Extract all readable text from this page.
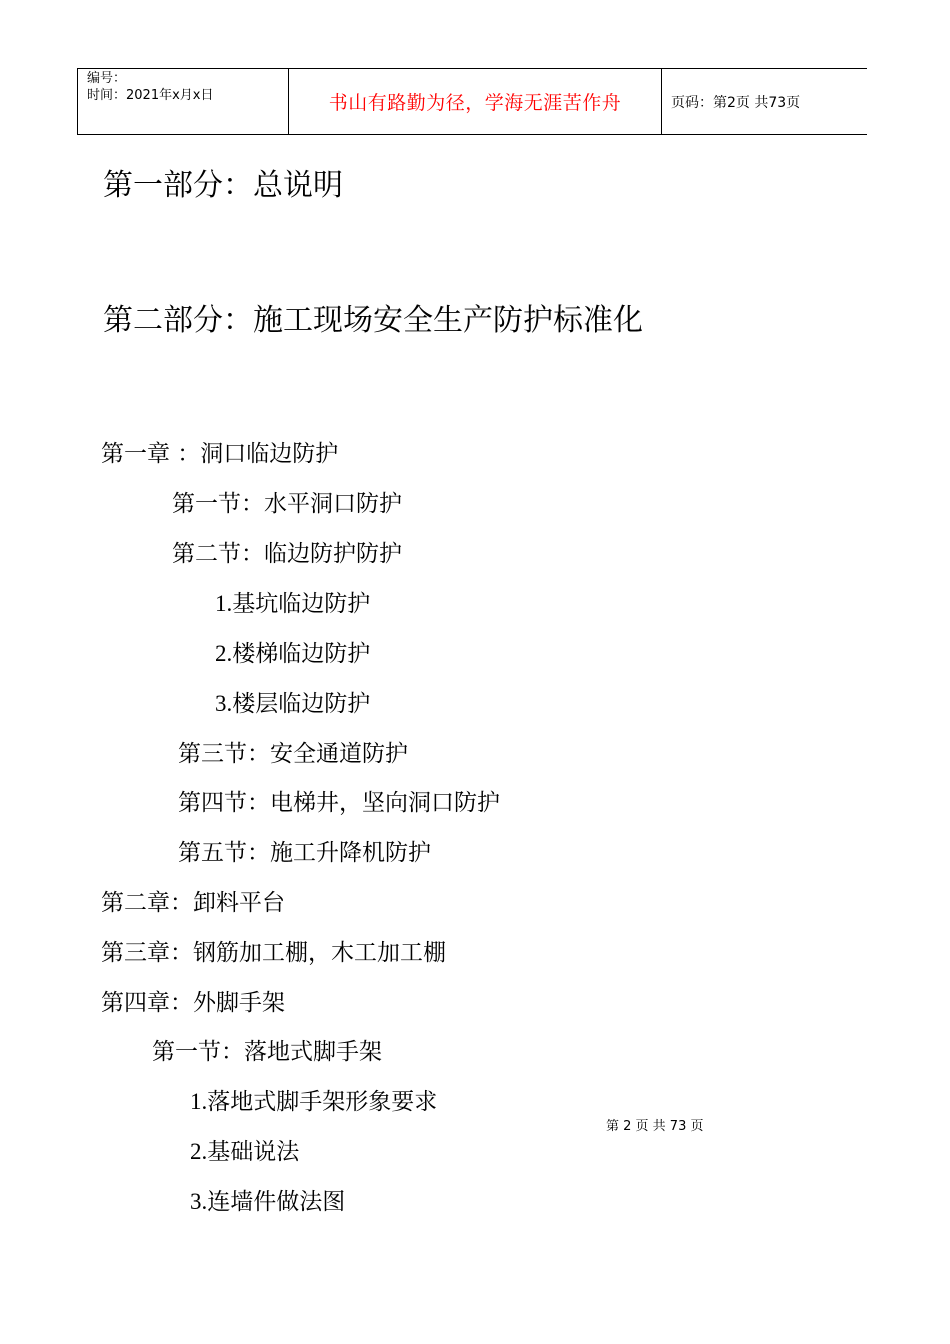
编号：
时间：2021年x月x日	书山有路勤为径，学海无涯苦作舟	页码：第2页 共73页
第一部分：总说明
第二部分：施工现场安全生产防护标准化
第一章 ：洞口临边防护
第一节：水平洞口防护
第二节：临边防护防护
1.基坑临边防护
2.楼梯临边防护
3.楼层临边防护
第三节：安全通道防护
第四节：电梯井，坚向洞口防护
第五节：施工升降机防护
第二章：卸料平台
第三章：钢筋加工棚，木工加工棚
第四章：外脚手架
第一节：落地式脚手架
1.落地式脚手架形象要求
2.基础说法
3.连墙件做法图
第 2 页 共 73 页
